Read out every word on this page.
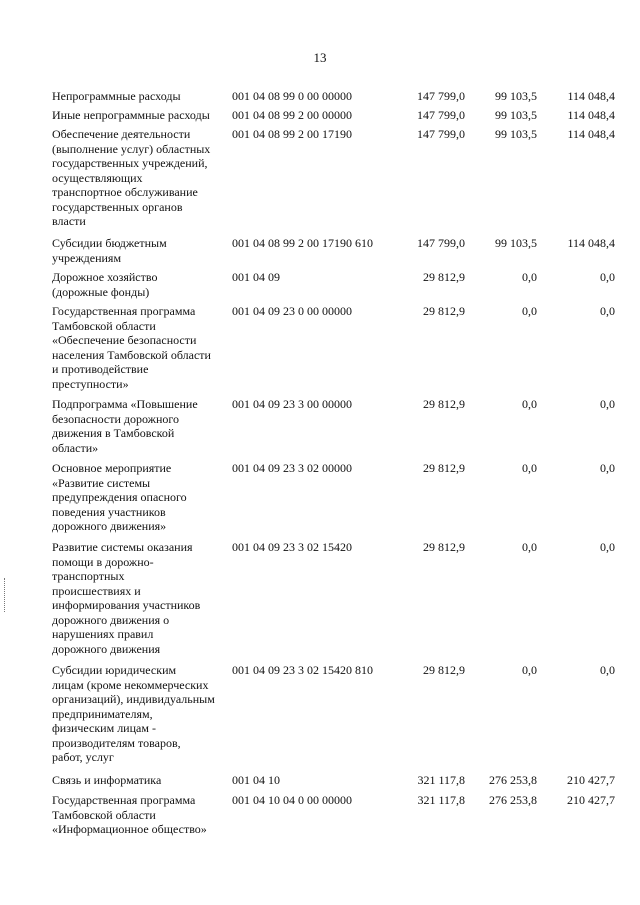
13
Непрограммные расходы	001 04 08 99 0 00 00000	147 799,0	99 103,5	114 048,4
Иные непрограммные расходы	001 04 08 99 2 00 00000	147 799,0	99 103,5	114 048,4
Обеспечение деятельности
(выполнение услуг) областных
государственных учреждений,
осуществляющих
транспортное обслуживание
государственных органов
власти
001 04 08 99 2 00 17190	147 799,0	99 103,5	114 048,4
Субсидии бюджетным
учреждениям
001 04 08 99 2 00 17190 610	147 799,0	99 103,5	114 048,4
Дорожное хозяйство
(дорожные фонды)
001 04 09	29 812,9	0,0	0,0
Государственная программа
Тамбовской области
«Обеспечение безопасности
населения Тамбовской области
и противодействие
преступности»
001 04 09 23 0 00 00000	29 812,9	0,0	0,0
Подпрограмма «Повышение
безопасности дорожного
движения в Тамбовской
области»
001 04 09 23 3 00 00000	29 812,9	0,0	0,0
Основное мероприятие
«Развитие системы
предупреждения опасного
поведения участников
дорожного движения»
001 04 09 23 3 02 00000	29 812,9	0,0	0,0
Развитие системы оказания
помощи в дорожно-
транспортных
происшествиях и
информирования участников
дорожного движения о
нарушениях правил
дорожного движения
001 04 09 23 3 02 15420	29 812,9	0,0	0,0
Субсидии юридическим
лицам (кроме некоммерческих
организаций), индивидуальным
предпринимателям,
физическим лицам -
производителям товаров,
работ, услуг
001 04 09 23 3 02 15420 810	29 812,9	0,0	0,0
Связь и информатика	001 04 10	321 117,8	276 253,8	210 427,7
Государственная программа
Тамбовской области
«Информационное общество»
001 04 10 04 0 00 00000	321 117,8	276 253,8	210 427,7
